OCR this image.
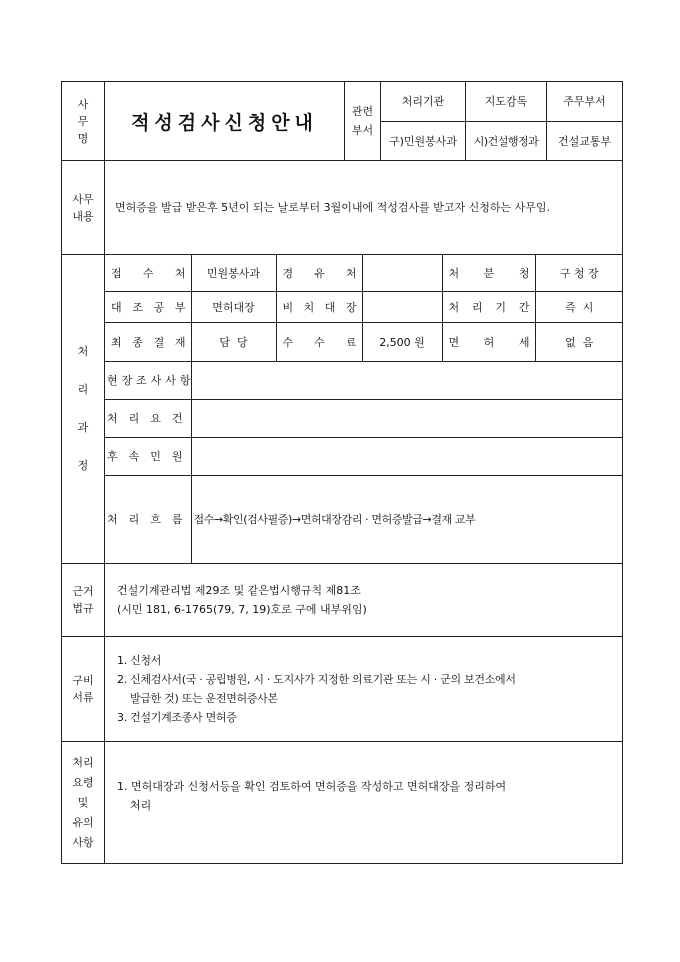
사
무
명

적성검사신청안내	관련
부서
처리기관	지도감독	주무부서
구)민원봉사과	시)건설행정과	건설교통부

사무
내용

면허증을 발급 받은후 5년이 되는 날로부터 3월이내에 적성검사를 받고자 신청하는 사무임.

처
리
과
정

접 수 처	민원봉사과	경 유 처		처 분 청	구 청 장

대 조 공 부	면허대장	비 치 대 장		처 리 기 간	즉  시

최 종 결 재	담  당	수 수 료	2,500 원	면 허 세	없  음

현 장 조 사 사 항

처 리 요 건

후 속 민 원

처 리 흐 름	접수→확인(검사필증)→면허대장감리 · 면허증발급→결재 교부

근거
법규

건설기계관리법 제29조 및 같은법시행규칙 제81조
(시민 181, 6-1765(79, 7, 19)호로 구에 내부위임)

구비
서류

1. 신청서
2. 신체검사서(국 · 공립병원, 시 · 도지사가 지정한 의료기관 또는 시 · 군의 보건소에서
발급한 것) 또는 운전면허증사본
3. 건설기계조종사 면허증

처리
요령
및
유의
사항

1. 면허대장과 신청서등을 확인 검토하여 면허증을 작성하고 면허대장을 정리하여
처리
